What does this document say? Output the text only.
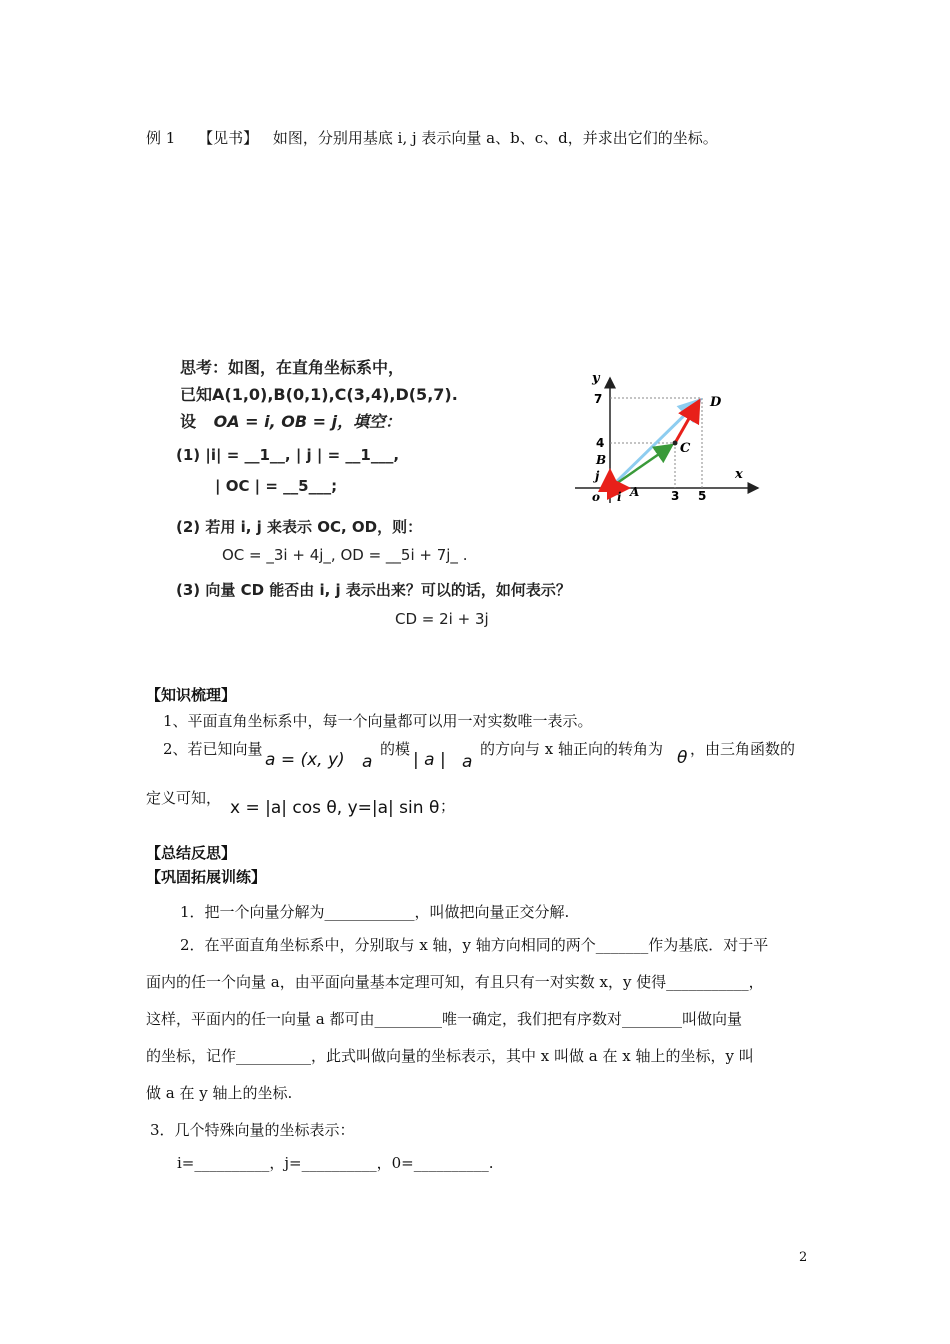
例 1 【见书】 如图，分别用基底 i, j 表示向量 a、b、c、d，并求出它们的坐标。
思考：如图，在直角坐标系中，
已知A(1,0),B(0,1),C(3,4),D(5,7).
设 OA = i, OB = j，填空：
(1) |i| = __1__, | j | = __1___,
| OC | = __5___;
(2) 若用 i, j 来表示 OC, OD，则：
OC = _3i + 4j_, OD = __5i + 7j_ .
(3) 向量 CD 能否由 i, j 表示出来？可以的话，如何表示？
CD = 2i + 3j
y
x
7
4
B
j
o i A	3 5
C
D
【知识梳理】
1、平面直角坐标系中，每一个向量都可以用一对实数唯一表示。
2、若已知向量
a = (x, y) a
的模
| a | a
的方向与 x 轴正向的转角为 θ ，由三角函数的
定义可知， x = |a| cos θ, y=|a| sin θ ；
【总结反思】
【巩固拓展训练】
1．把一个向量分解为____________，叫做把向量正交分解.
2．在平面直角坐标系中，分别取与 x 轴，y 轴方向相同的两个_______作为基底．对于平
面内的任一个向量 a，由平面向量基本定理可知，有且只有一对实数 x，y 使得___________，
这样，平面内的任一向量 a 都可由_________唯一确定，我们把有序数对________叫做向量
的坐标，记作__________，此式叫做向量的坐标表示，其中 x 叫做 a 在 x 轴上的坐标，y 叫
做 a 在 y 轴上的坐标.
3．几个特殊向量的坐标表示：
i=__________，j=__________，0=__________.
2
